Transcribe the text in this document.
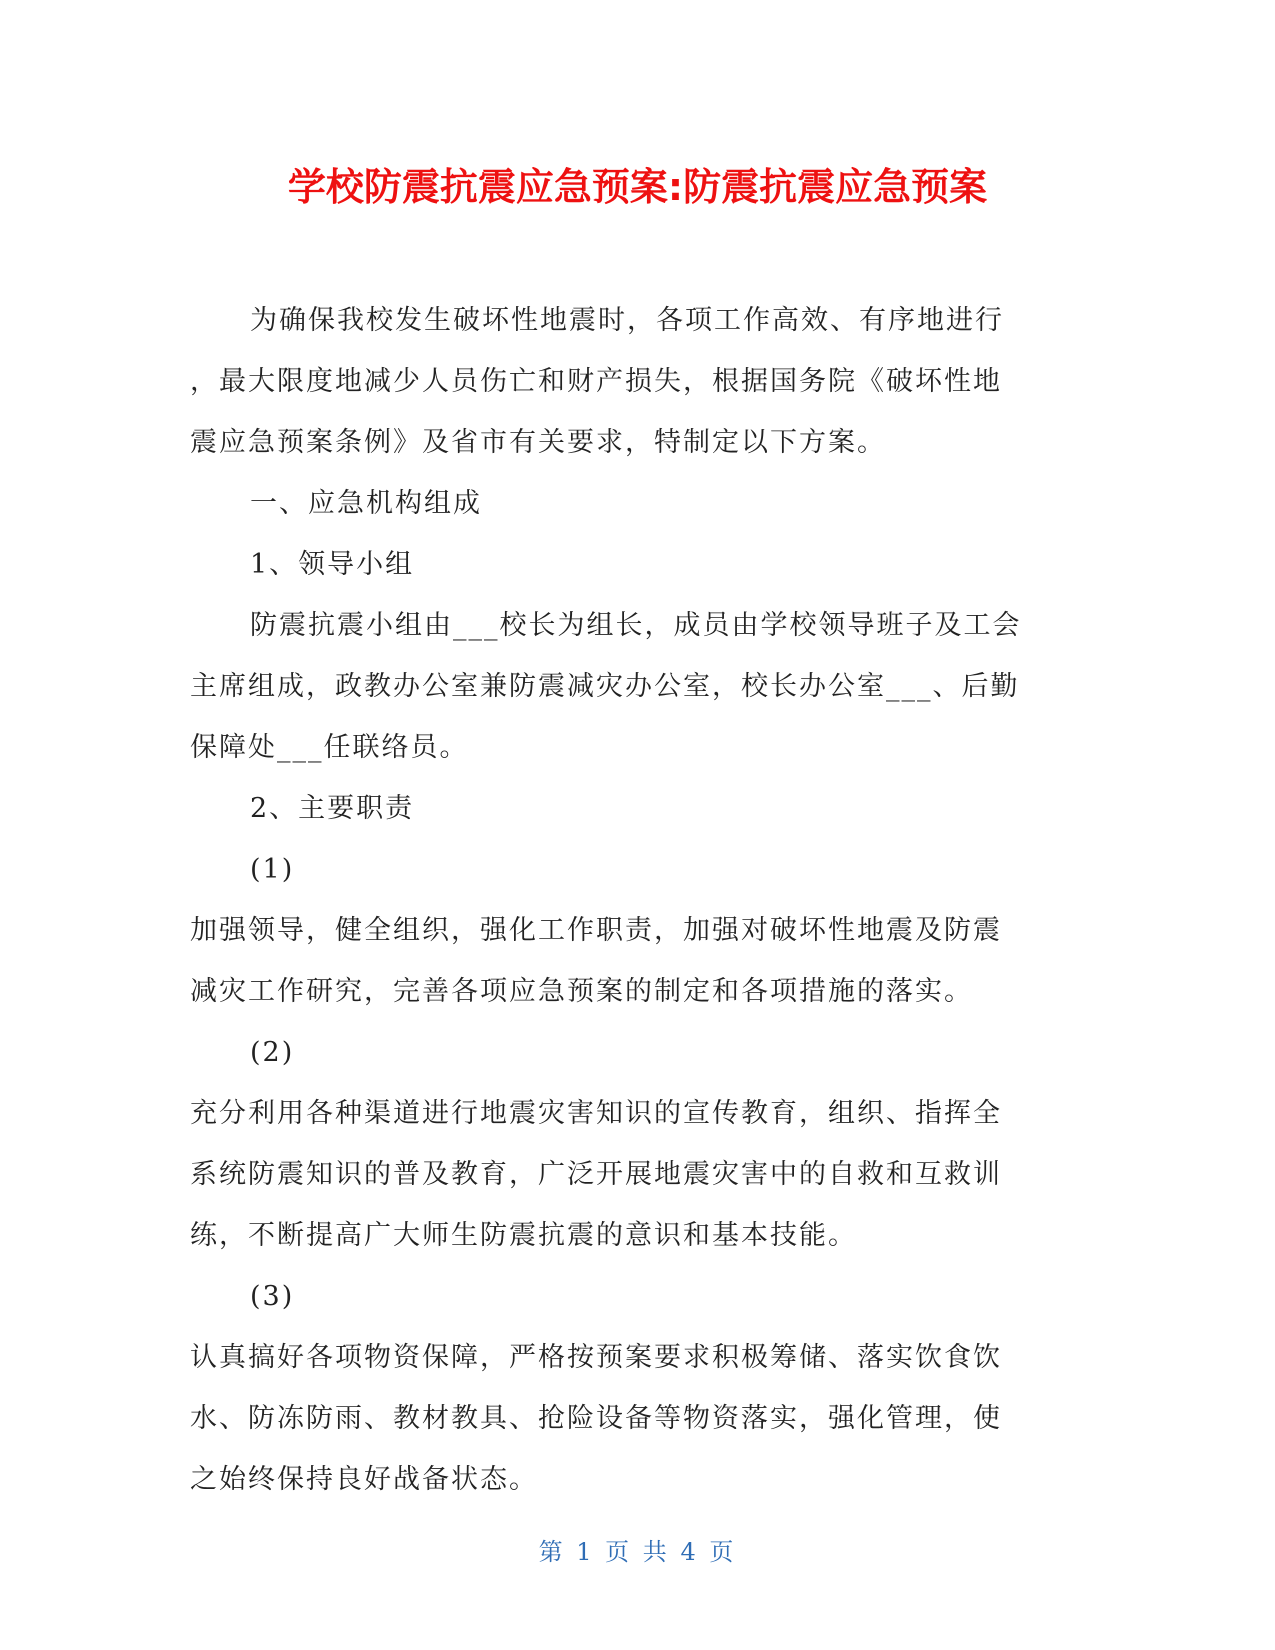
学校防震抗震应急预案:防震抗震应急预案

为确保我校发生破坏性地震时，各项工作高效、有序地进行

，最大限度地减少人员伤亡和财产损失，根据国务院《破坏性地

震应急预案条例》及省市有关要求，特制定以下方案。

一、应急机构组成

1、领导小组

防震抗震小组由___校长为组长，成员由学校领导班子及工会

主席组成，政教办公室兼防震减灾办公室，校长办公室___、后勤

保障处___任联络员。

2、主要职责

(1)

加强领导，健全组织，强化工作职责，加强对破坏性地震及防震

减灾工作研究，完善各项应急预案的制定和各项措施的落实。

(2)

充分利用各种渠道进行地震灾害知识的宣传教育，组织、指挥全

系统防震知识的普及教育，广泛开展地震灾害中的自救和互救训

练，不断提高广大师生防震抗震的意识和基本技能。

(3)

认真搞好各项物资保障，严格按预案要求积极筹储、落实饮食饮

水、防冻防雨、教材教具、抢险设备等物资落实，强化管理，使

之始终保持良好战备状态。

第 1 页 共 4 页
